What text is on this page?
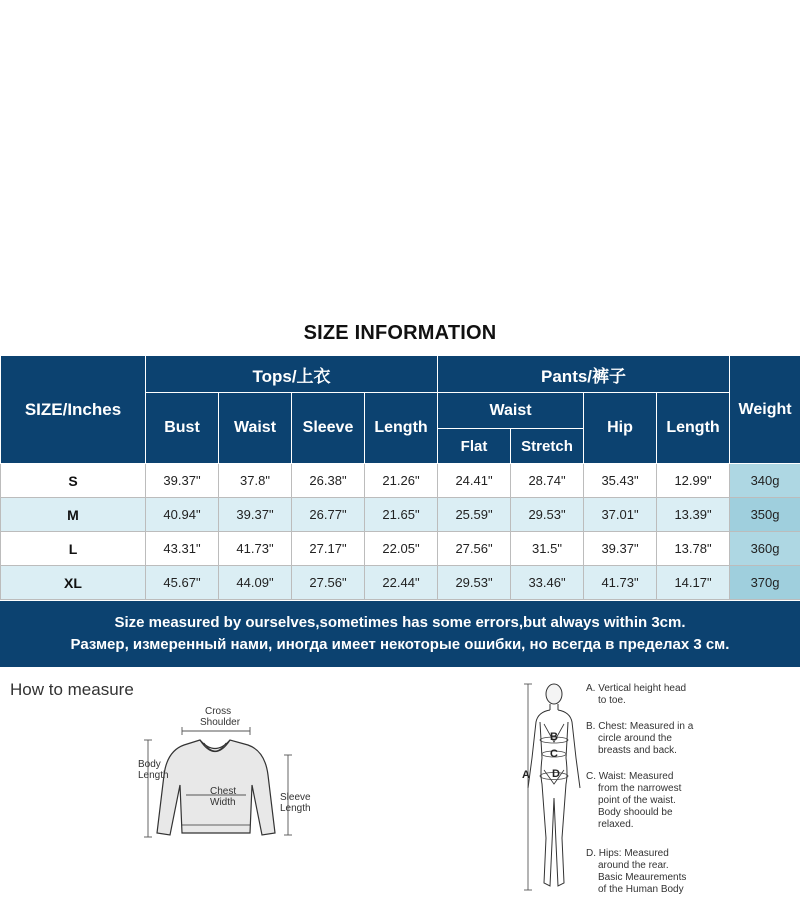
SIZE INFORMATION
SIZE/Inches	Tops/上衣				Pants/裤子				Weight
	Bust	Waist	Sleeve	Length	Waist		Hip	Length	
					Flat	Stretch			
S	39.37"	37.8"	26.38"	21.26"	24.41"	28.74"	35.43"	12.99"	340g
M	40.94"	39.37"	26.77"	21.65"	25.59"	29.53"	37.01"	13.39"	350g
L	43.31"	41.73"	27.17"	22.05"	27.56"	31.5"	39.37"	13.78"	360g
XL	45.67"	44.09"	27.56"	22.44"	29.53"	33.46"	41.73"	14.17"	370g
Size measured by ourselves,sometimes has some errors,but always within 3cm.
Размер, измеренный нами, иногда имеет некоторые ошибки, но всегда в пределах 3 см.
How to measure
Cross
Shoulder
Body
Length
Chest
Width	Sleeve
Length
B
C
D
A
A. Vertical height head
to toe.
B. Chest: Measured in a
circle around the
breasts and back.
C. Waist: Measured
from the narrowest
point of the waist.
Body shoould be
relaxed.
D. Hips: Measured
around the rear.
Basic Meaurements
of the Human Body
